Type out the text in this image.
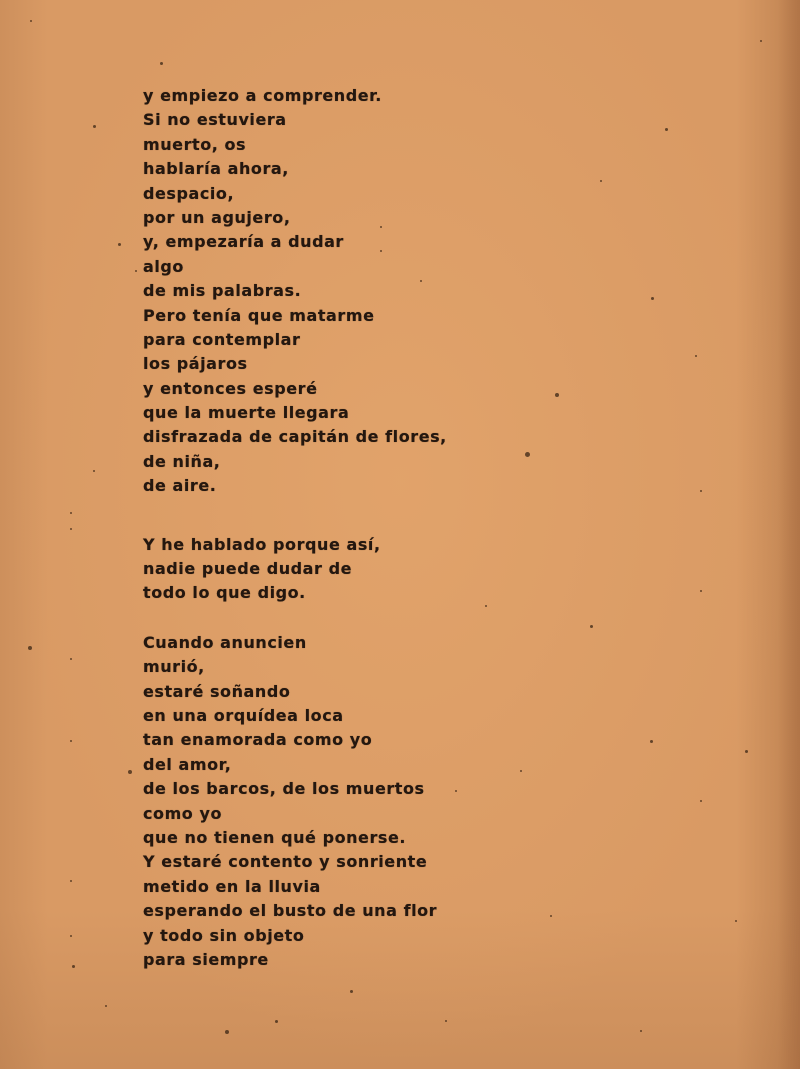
y empiezo a comprender.
Si no estuviera
muerto, os
hablaría ahora,
despacio,
por un agujero,
y, empezaría a dudar
algo
de mis palabras.
Pero tenía que matarme
para contemplar
los pájaros
y entonces esperé
que la muerte llegara
disfrazada de capitán de flores,
de niña,
de aire.
Y he hablado porque así,
nadie puede dudar de
todo lo que digo.
Cuando anuncien
murió,
estaré soñando
en una orquídea loca
tan enamorada como yo
del amor,
de los barcos, de los muertos
como yo
que no tienen qué ponerse.
Y estaré contento y sonriente
metido en la lluvia
esperando el busto de una flor
y todo sin objeto
para siempre
